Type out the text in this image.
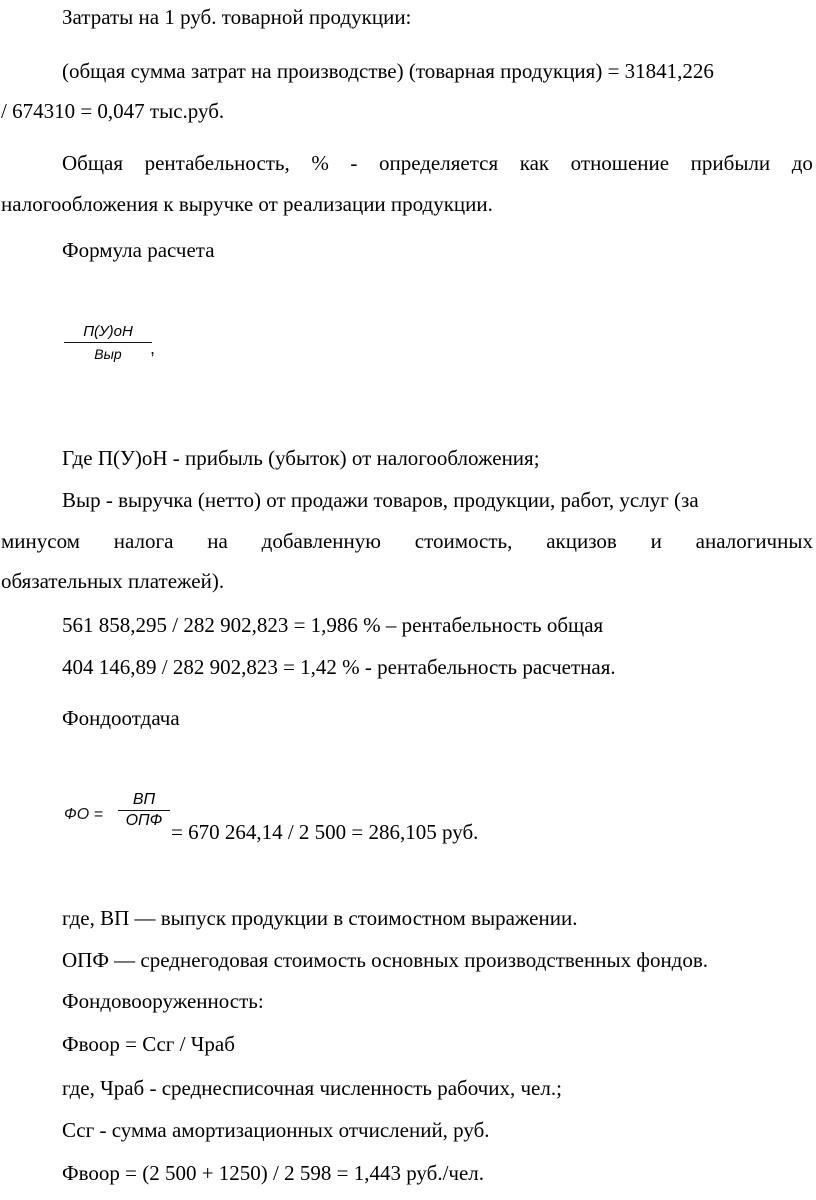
Затраты на 1 руб. товарной продукции:
(общая сумма затрат на производстве) (товарная продукция) = 31841,226
/ 674310 = 0,047 тыс.руб.
Общая рентабельность, % - определяется как отношение прибыли до
налогообложения к выручке от реализации продукции.
Формула расчета
П(У)оН
Выр	,
Где П(У)оН - прибыль (убыток) от налогообложения;
Выр - выручка (нетто) от продажи товаров, продукции, работ, услуг (за
минусом налога на добавленную стоимость, акцизов и аналогичных
обязательных платежей).
561 858,295 / 282 902,823 = 1,986 % – рентабельность общая
404 146,89 / 282 902,823 = 1,42 % - рентабельность расчетная.
Фондоотдача
ФО =
ВП
ОПФ = 670 264,14 / 2 500 = 286,105 руб.
где, ВП –– выпуск продукции в стоимостном выражении.
ОПФ –– среднегодовая стоимость основных производственных фондов.
Фондовооруженность:
Фвоор = Ссг / Чраб
где, Чраб - среднесписочная численность рабочих, чел.;
Ссг - сумма амортизационных отчислений, руб.
Фвоор = (2 500 + 1250) / 2 598 = 1,443 руб./чел.
